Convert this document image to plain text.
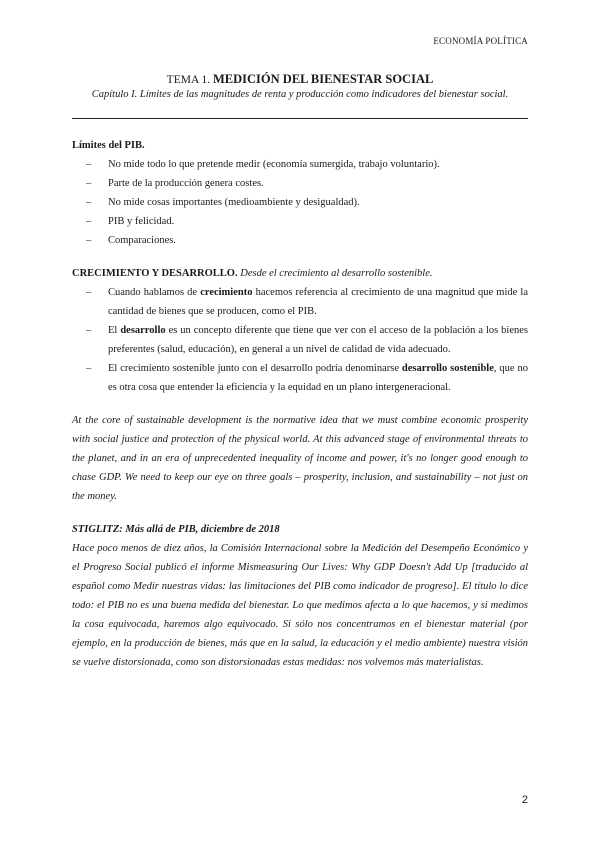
ECONOMÍA POLÍTICA
TEMA 1. MEDICIÓN DEL BIENESTAR SOCIAL
Capítulo I. Límites de las magnitudes de renta y producción como indicadores del bienestar social.

Límites del PIB.

– No mide todo lo que pretende medir (economía sumergida, trabajo voluntario).
– Parte de la producción genera costes.
– No mide cosas importantes (medioambiente y desigualdad).
– PIB y felicidad.
– Comparaciones.

CRECIMIENTO Y DESARROLLO. Desde el crecimiento al desarrollo sostenible.

– Cuando hablamos de crecimiento hacemos referencia al crecimiento de una magnitud que mide la cantidad de bienes que se producen, como el PIB.
– El desarrollo es un concepto diferente que tiene que ver con el acceso de la población a los bienes preferentes (salud, educación), en general a un nivel de calidad de vida adecuado.
– El crecimiento sostenible junto con el desarrollo podría denominarse desarrollo sostenible, que no es otra cosa que entender la eficiencia y la equidad en un plano intergeneracional.

At the core of sustainable development is the normative idea that we must combine economic prosperity with social justice and protection of the physical world. At this advanced stage of environmental threats to the planet, and in an era of unprecedented inequality of income and power, it's no longer good enough to chase GDP. We need to keep our eye on three goals – prosperity, inclusion, and sustainability – not just on the money.

STIGLITZ: Más allá de PIB, diciembre de 2018

Hace poco menos de diez años, la Comisión Internacional sobre la Medición del Desempeño Económico y el Progreso Social publicó el informe Mismeasuring Our Lives: Why GDP Doesn't Add Up [traducido al español como Medir nuestras vidas: las limitaciones del PIB como indicador de progreso]. El título lo dice todo: el PIB no es una buena medida del bienestar. Lo que medimos afecta a lo que hacemos, y si medimos la cosa equivocada, haremos algo equivocado. Si sólo nos concentramos en el bienestar material (por ejemplo, en la producción de bienes, más que en la salud, la educación y el medio ambiente) nuestra visión se vuelve distorsionada, como son distorsionadas estas medidas: nos volvemos más materialistas.

2
